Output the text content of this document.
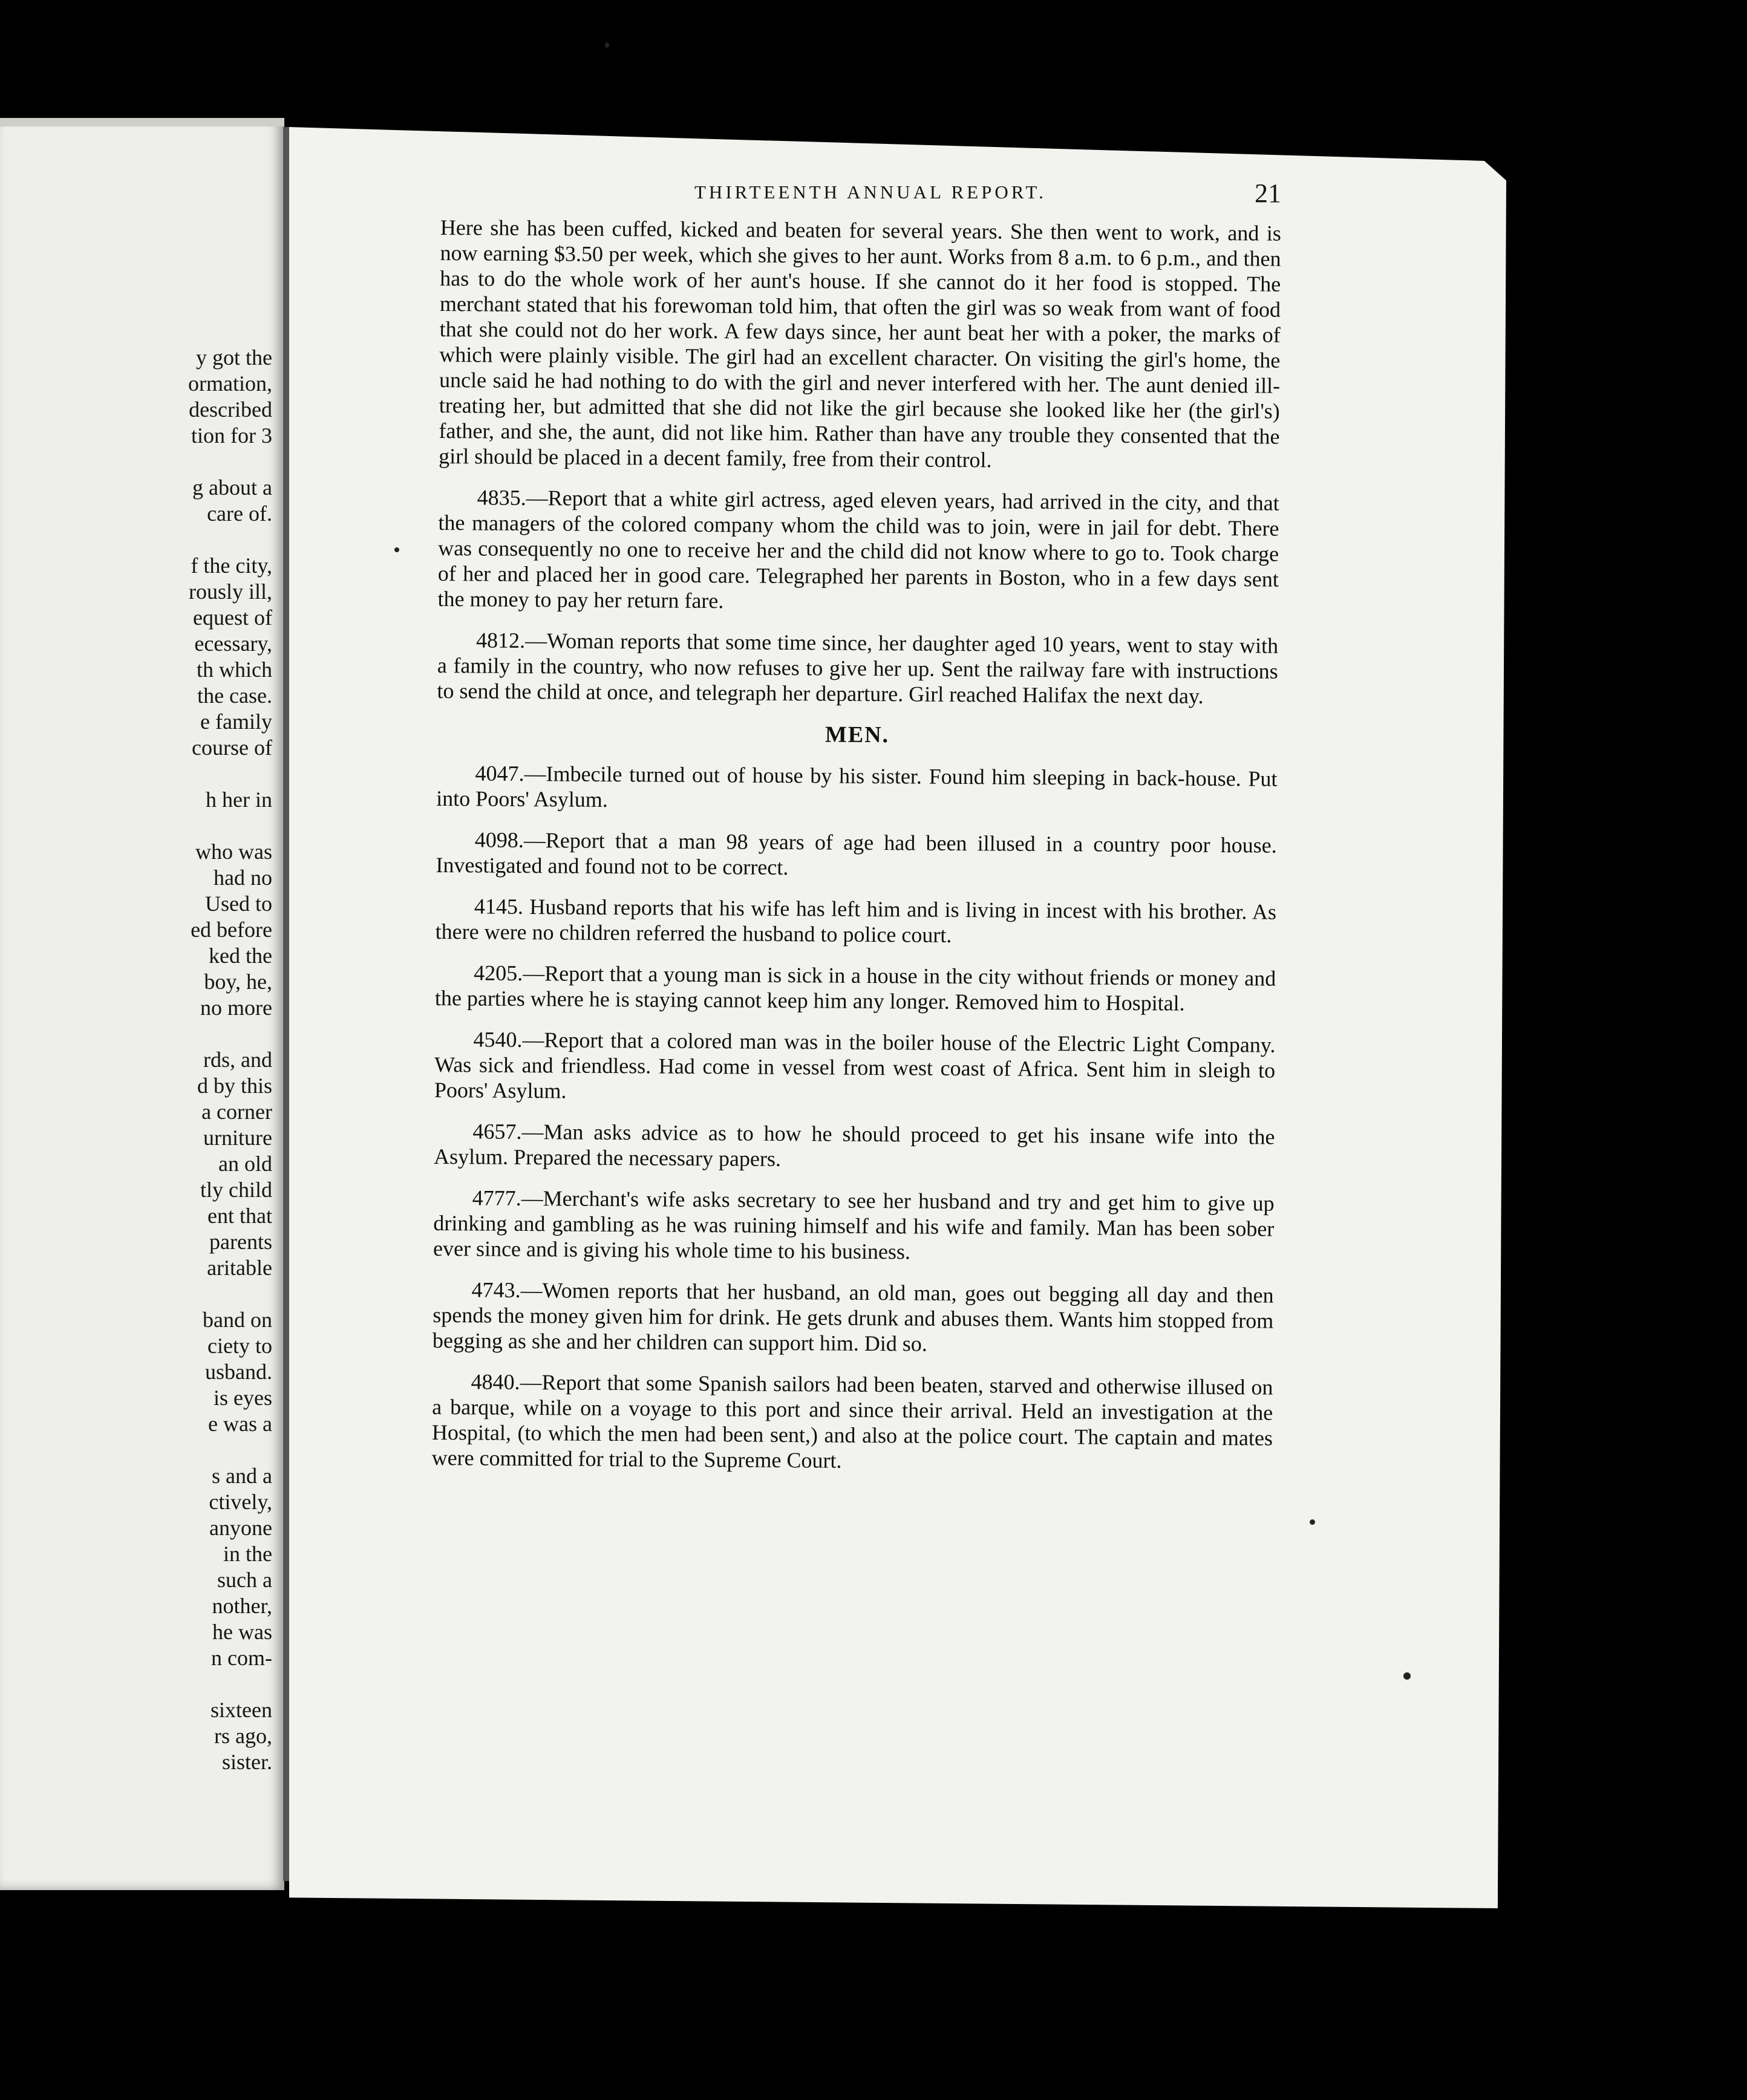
y got the
ormation,
described
tion for 3
g about a
care of.
f the city,
rously ill,
equest of
ecessary,
th which
the case.
e family
course of
h her in
who was
had no
Used to
ed before
ked the
boy, he,
no more
rds, and
d by this
a corner
urniture
an old
tly child
ent that
parents
aritable
band on
ciety to
usband.
is eyes
e was a
s and a
ctively,
anyone
in the
such a
nother,
he was
n com-
sixteen
rs ago,
sister.
THIRTEENTH ANNUAL REPORT.	21

Here she has been cuffed, kicked and beaten for several years. She then went to work, and is now earning $3.50 per week, which she gives to her aunt. Works from 8 a.m. to 6 p.m., and then has to do the whole work of her aunt's house. If she cannot do it her food is stopped. The merchant stated that his forewoman told him, that often the girl was so weak from want of food that she could not do her work. A few days since, her aunt beat her with a poker, the marks of which were plainly visible. The girl had an excellent character. On visiting the girl's home, the uncle said he had nothing to do with the girl and never interfered with her. The aunt denied ill-treating her, but admitted that she did not like the girl because she looked like her (the girl's) father, and she, the aunt, did not like him. Rather than have any trouble they consented that the girl should be placed in a decent family, free from their control.

4835.—Report that a white girl actress, aged eleven years, had arrived in the city, and that the managers of the colored company whom the child was to join, were in jail for debt. There was consequently no one to receive her and the child did not know where to go to. Took charge of her and placed her in good care. Telegraphed her parents in Boston, who in a few days sent the money to pay her return fare.

4812.—Woman reports that some time since, her daughter aged 10 years, went to stay with a family in the country, who now refuses to give her up. Sent the railway fare with instructions to send the child at once, and telegraph her departure. Girl reached Halifax the next day.

MEN.

4047.—Imbecile turned out of house by his sister. Found him sleeping in back-house. Put into Poors' Asylum.

4098.—Report that a man 98 years of age had been illused in a country poor house. Investigated and found not to be correct.

4145. Husband reports that his wife has left him and is living in incest with his brother. As there were no children referred the husband to police court.

4205.—Report that a young man is sick in a house in the city without friends or money and the parties where he is staying cannot keep him any longer. Removed him to Hospital.

4540.—Report that a colored man was in the boiler house of the Electric Light Company. Was sick and friendless. Had come in vessel from west coast of Africa. Sent him in sleigh to Poors' Asylum.

4657.—Man asks advice as to how he should proceed to get his insane wife into the Asylum. Prepared the necessary papers.

4777.—Merchant's wife asks secretary to see her husband and try and get him to give up drinking and gambling as he was ruining himself and his wife and family. Man has been sober ever since and is giving his whole time to his business.

4743.—Women reports that her husband, an old man, goes out begging all day and then spends the money given him for drink. He gets drunk and abuses them. Wants him stopped from begging as she and her children can support him. Did so.

4840.—Report that some Spanish sailors had been beaten, starved and otherwise illused on a barque, while on a voyage to this port and since their arrival. Held an investigation at the Hospital, (to which the men had been sent,) and also at the police court. The captain and mates were committed for trial to the Supreme Court.
